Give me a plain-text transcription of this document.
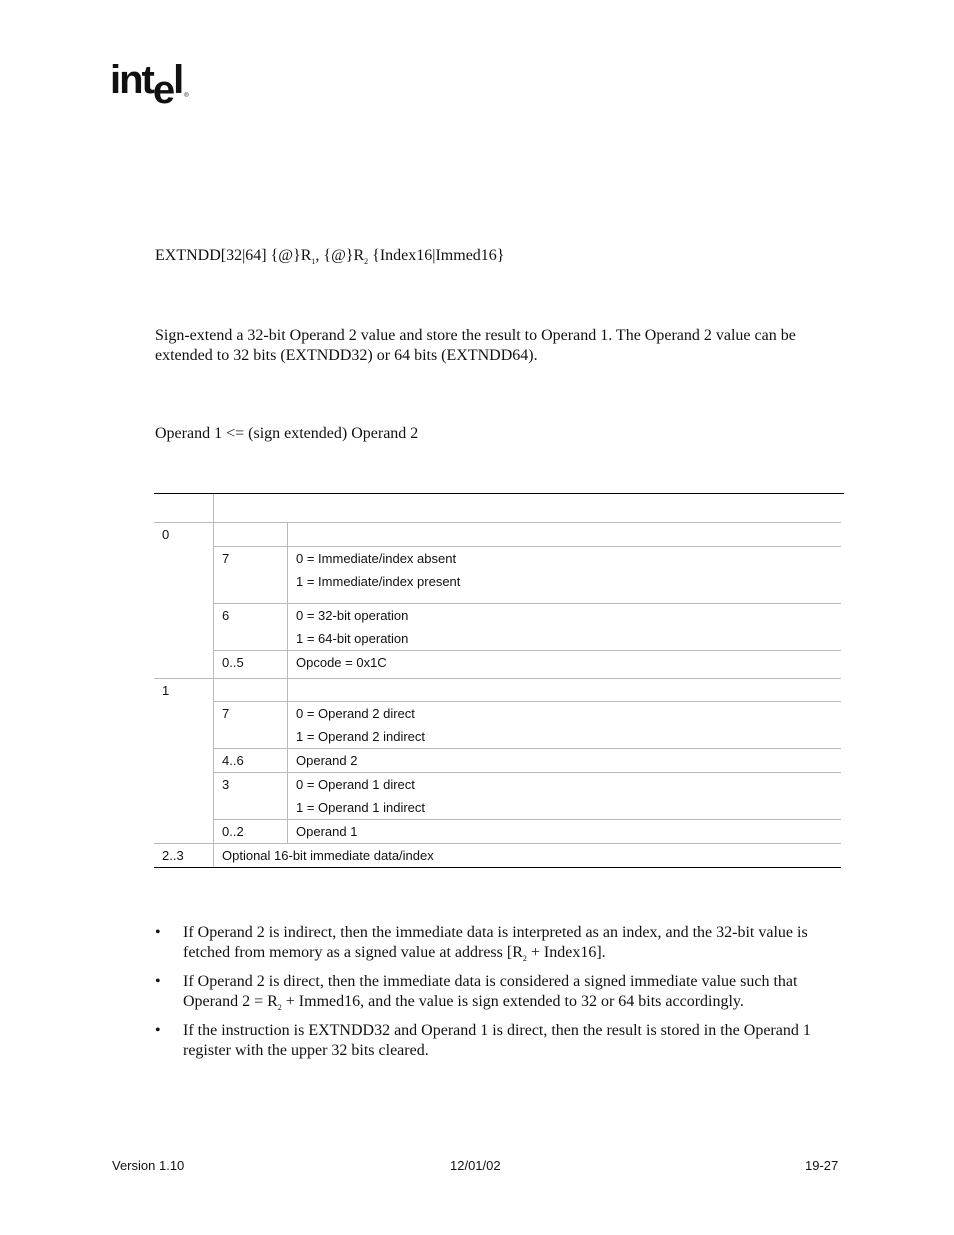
intel ®
EXTNDD[32|64] $\{@\}R_1$, $\{@\}R_2$ {Index16|Immed16}
Sign-extend a 32-bit Operand 2 value and store the result to Operand 1. The Operand 2 value can be extended to 32 bits (EXTNDD32) or 64 bits (EXTNDD64).
Operand 1 <= (sign extended) Operand 2

0		

	7	0 = Immediate/index absent
1 = Immediate/index present

	6	0 = 32-bit operation
1 = 64-bit operation

	0..5	Opcode = 0x1C

1		

	7	0 = Operand 2 direct
1 = Operand 2 indirect

	4..6	Operand 2

	3	0 = Operand 1 direct
1 = Operand 1 indirect

	0..2	Operand 1

2..3	Optional 16-bit immediate data/index	
• If Operand 2 is indirect, then the immediate data is interpreted as an index, and the 32-bit value is fetched from memory as a signed value at address [$R_2$ + Index16].
• If Operand 2 is direct, then the immediate data is considered a signed immediate value such that Operand $2 = R_2$ + Immed16, and the value is sign extended to 32 or 64 bits accordingly.
• If the instruction is EXTNDD32 and Operand 1 is direct, then the result is stored in the Operand 1 register with the upper 32 bits cleared.
Version 1.10	12/01/02	19-27
